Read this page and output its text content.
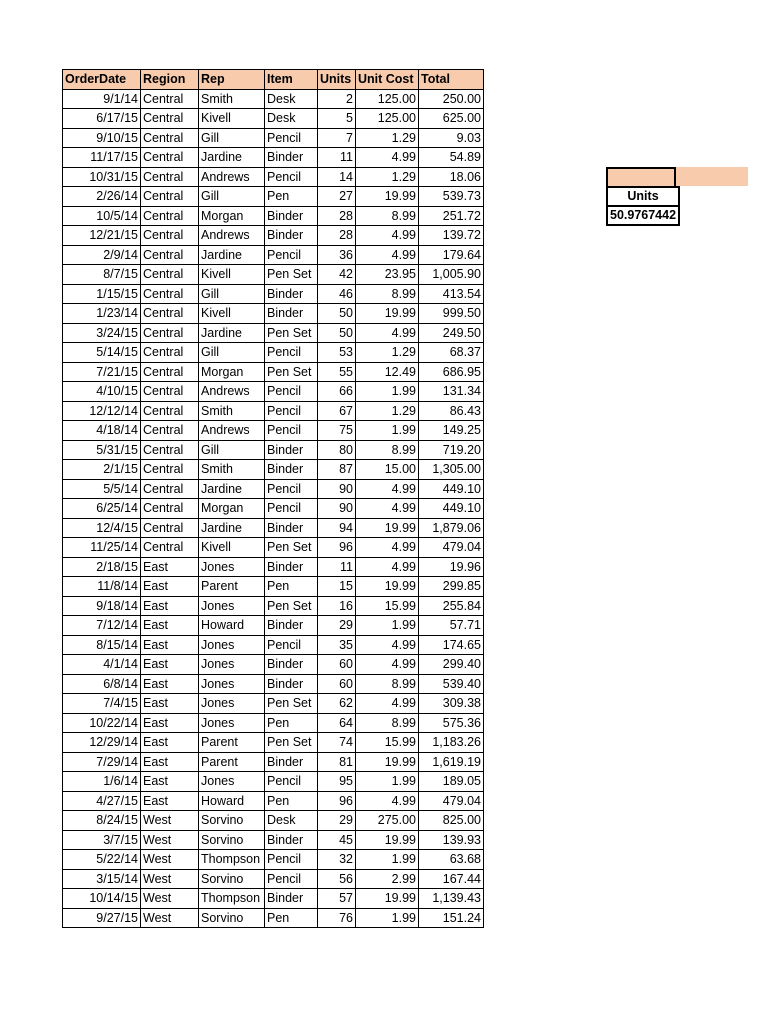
OrderDate	Region	Rep	Item	Units	Unit Cost	Total
9/1/14	Central	Smith	Desk	2	125.00	250.00
6/17/15	Central	Kivell	Desk	5	125.00	625.00
9/10/15	Central	Gill	Pencil	7	1.29	9.03
11/17/15	Central	Jardine	Binder	11	4.99	54.89
10/31/15	Central	Andrews	Pencil	14	1.29	18.06
2/26/14	Central	Gill	Pen	27	19.99	539.73
10/5/14	Central	Morgan	Binder	28	8.99	251.72
12/21/15	Central	Andrews	Binder	28	4.99	139.72
2/9/14	Central	Jardine	Pencil	36	4.99	179.64
8/7/15	Central	Kivell	Pen Set	42	23.95	1,005.90
1/15/15	Central	Gill	Binder	46	8.99	413.54
1/23/14	Central	Kivell	Binder	50	19.99	999.50
3/24/15	Central	Jardine	Pen Set	50	4.99	249.50
5/14/15	Central	Gill	Pencil	53	1.29	68.37
7/21/15	Central	Morgan	Pen Set	55	12.49	686.95
4/10/15	Central	Andrews	Pencil	66	1.99	131.34
12/12/14	Central	Smith	Pencil	67	1.29	86.43
4/18/14	Central	Andrews	Pencil	75	1.99	149.25
5/31/15	Central	Gill	Binder	80	8.99	719.20
2/1/15	Central	Smith	Binder	87	15.00	1,305.00
5/5/14	Central	Jardine	Pencil	90	4.99	449.10
6/25/14	Central	Morgan	Pencil	90	4.99	449.10
12/4/15	Central	Jardine	Binder	94	19.99	1,879.06
11/25/14	Central	Kivell	Pen Set	96	4.99	479.04
2/18/15	East	Jones	Binder	11	4.99	19.96
11/8/14	East	Parent	Pen	15	19.99	299.85
9/18/14	East	Jones	Pen Set	16	15.99	255.84
7/12/14	East	Howard	Binder	29	1.99	57.71
8/15/14	East	Jones	Pencil	35	4.99	174.65
4/1/14	East	Jones	Binder	60	4.99	299.40
6/8/14	East	Jones	Binder	60	8.99	539.40
7/4/15	East	Jones	Pen Set	62	4.99	309.38
10/22/14	East	Jones	Pen	64	8.99	575.36
12/29/14	East	Parent	Pen Set	74	15.99	1,183.26
7/29/14	East	Parent	Binder	81	19.99	1,619.19
1/6/14	East	Jones	Pencil	95	1.99	189.05
4/27/15	East	Howard	Pen	96	4.99	479.04
8/24/15	West	Sorvino	Desk	29	275.00	825.00
3/7/15	West	Sorvino	Binder	45	19.99	139.93
5/22/14	West	Thompson	Pencil	32	1.99	63.68
3/15/14	West	Sorvino	Pencil	56	2.99	167.44
10/14/15	West	Thompson	Binder	57	19.99	1,139.43
9/27/15	West	Sorvino	Pen	76	1.99	151.24
Units
50.9767442
